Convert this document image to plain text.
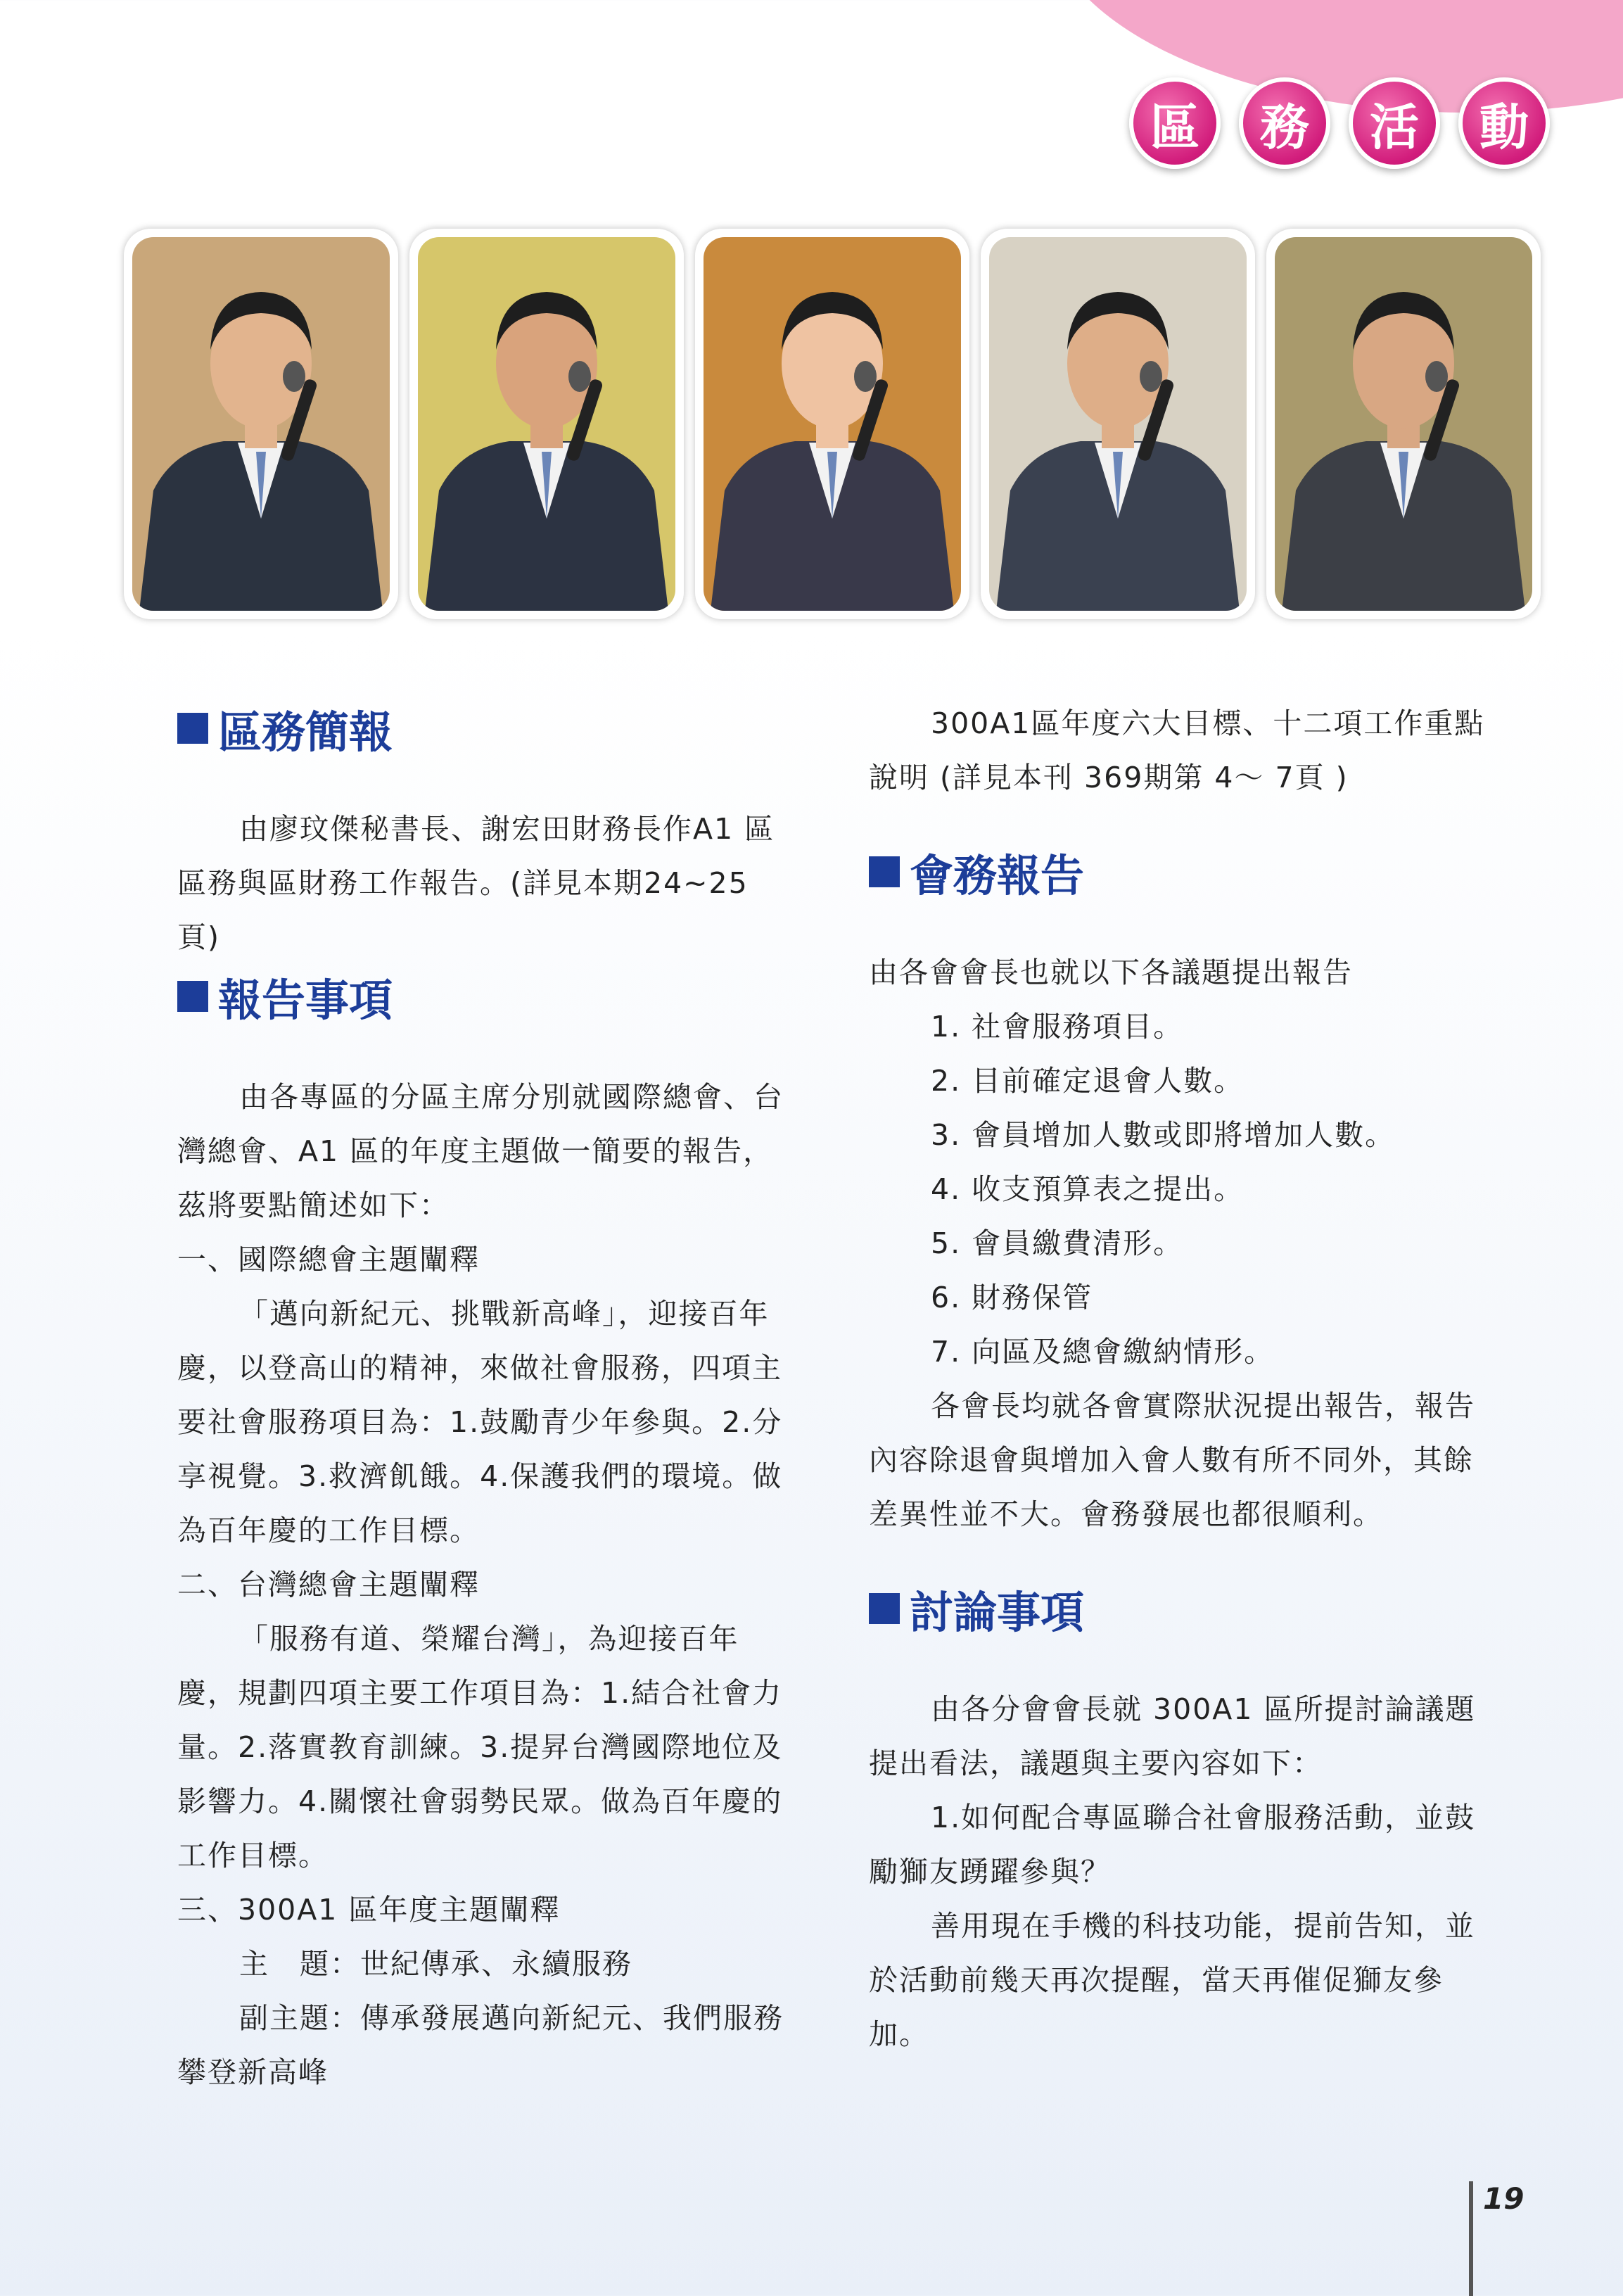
區	務	活	動
區務簡報

由廖玟傑秘書長、謝宏田財務長作A1 區區務與區財務工作報告。(詳見本期24~25 頁)

報告事項

由各專區的分區主席分別就國際總會、台灣總會、A1 區的年度主題做一簡要的報告，茲將要點簡述如下：

一、國際總會主題闡釋

「邁向新紀元、挑戰新高峰」，迎接百年慶，以登高山的精神，來做社會服務，四項主要社會服務項目為：1.鼓勵青少年參與。2.分享視覺。3.救濟飢餓。4.保護我們的環境。做為百年慶的工作目標。

二、台灣總會主題闡釋

「服務有道、榮耀台灣」，為迎接百年慶，規劃四項主要工作項目為：1.結合社會力量。2.落實教育訓練。3.提昇台灣國際地位及影響力。4.關懷社會弱勢民眾。做為百年慶的工作目標。

三、300A1 區年度主題闡釋

主　題：世紀傳承、永續服務

副主題：傳承發展邁向新紀元、我們服務攀登新高峰

300A1區年度六大目標、十二項工作重點說明 (詳見本刊 369期第 4～ 7頁 )

會務報告

由各會會長也就以下各議題提出報告

1. 社會服務項目。

2. 目前確定退會人數。

3. 會員增加人數或即將增加人數。

4. 收支預算表之提出。

5. 會員繳費清形。

6. 財務保管

7. 向區及總會繳納情形。

各會長均就各會實際狀況提出報告，報告內容除退會與增加入會人數有所不同外，其餘差異性並不大。會務發展也都很順利。

討論事項

由各分會會長就 300A1 區所提討論議題提出看法，議題與主要內容如下：

1.如何配合專區聯合社會服務活動，並鼓勵獅友踴躍參與？

善用現在手機的科技功能，提前告知，並於活動前幾天再次提醒，當天再催促獅友參加。

19
